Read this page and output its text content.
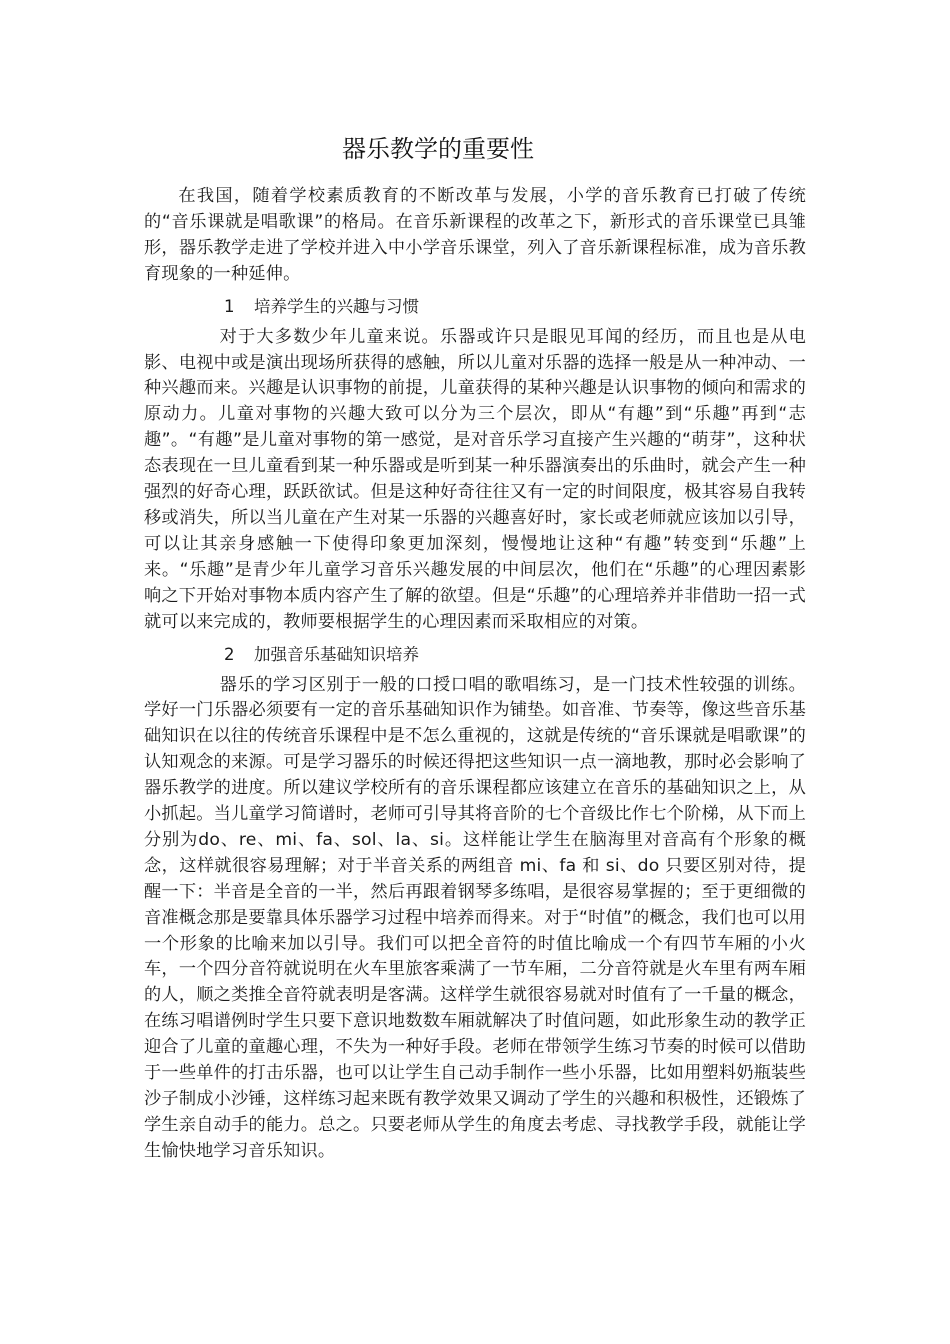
器乐教学的重要性

在我国，随着学校素质教育的不断改革与发展，小学的音乐教育已打破了传统的“音乐课就是唱歌课”的格局。在音乐新课程的改革之下，新形式的音乐课堂已具雏形，器乐教学走进了学校并进入中小学音乐课堂，列入了音乐新课程标准，成为音乐教育现象的一种延伸。

1 培养学生的兴趣与习惯

对于大多数少年儿童来说。乐器或许只是眼见耳闻的经历，而且也是从电影、电视中或是演出现场所获得的感触，所以儿童对乐器的选择一般是从一种冲动、一种兴趣而来。兴趣是认识事物的前提，儿童获得的某种兴趣是认识事物的倾向和需求的原动力。儿童对事物的兴趣大致可以分为三个层次，即从“有趣”到“乐趣”再到“志趣”。“有趣”是儿童对事物的第一感觉，是对音乐学习直接产生兴趣的“萌芽”，这种状态表现在一旦儿童看到某一种乐器或是听到某一种乐器演奏出的乐曲时，就会产生一种强烈的好奇心理，跃跃欲试。但是这种好奇往往又有一定的时间限度，极其容易自我转移或消失，所以当儿童在产生对某一乐器的兴趣喜好时，家长或老师就应该加以引导，可以让其亲身感触一下使得印象更加深刻，慢慢地让这种“有趣”转变到“乐趣”上来。“乐趣”是青少年儿童学习音乐兴趣发展的中间层次，他们在“乐趣”的心理因素影响之下开始对事物本质内容产生了解的欲望。但是“乐趣”的心理培养并非借助一招一式就可以来完成的，教师要根据学生的心理因素而采取相应的对策。

2 加强音乐基础知识培养

器乐的学习区别于一般的口授口唱的歌唱练习，是一门技术性较强的训练。学好一门乐器必须要有一定的音乐基础知识作为铺垫。如音准、节奏等，像这些音乐基础知识在以往的传统音乐课程中是不怎么重视的，这就是传统的“音乐课就是唱歌课”的认知观念的来源。可是学习器乐的时候还得把这些知识一点一滴地教，那时必会影响了器乐教学的进度。所以建议学校所有的音乐课程都应该建立在音乐的基础知识之上，从小抓起。当儿童学习简谱时，老师可引导其将音阶的七个音级比作七个阶梯，从下而上分别为do、re、mi、fa、sol、la、si。这样能让学生在脑海里对音高有个形象的概念，这样就很容易理解；对于半音关系的两组音 mi、fa 和 si、do 只要区别对待，提醒一下：半音是全音的一半，然后再跟着钢琴多练唱，是很容易掌握的；至于更细微的音准概念那是要靠具体乐器学习过程中培养而得来。对于“时值”的概念，我们也可以用一个形象的比喻来加以引导。我们可以把全音符的时值比喻成一个有四节车厢的小火车，一个四分音符就说明在火车里旅客乘满了一节车厢，二分音符就是火车里有两车厢的人，顺之类推全音符就表明是客满。这样学生就很容易就对时值有了一千量的概念，在练习唱谱例时学生只要下意识地数数车厢就解决了时值问题，如此形象生动的教学正迎合了儿童的童趣心理，不失为一种好手段。老师在带领学生练习节奏的时候可以借助于一些单件的打击乐器，也可以让学生自己动手制作一些小乐器，比如用塑料奶瓶装些沙子制成小沙锤，这样练习起来既有教学效果又调动了学生的兴趣和积极性，还锻炼了学生亲自动手的能力。总之。只要老师从学生的角度去考虑、寻找教学手段，就能让学生愉快地学习音乐知识。
